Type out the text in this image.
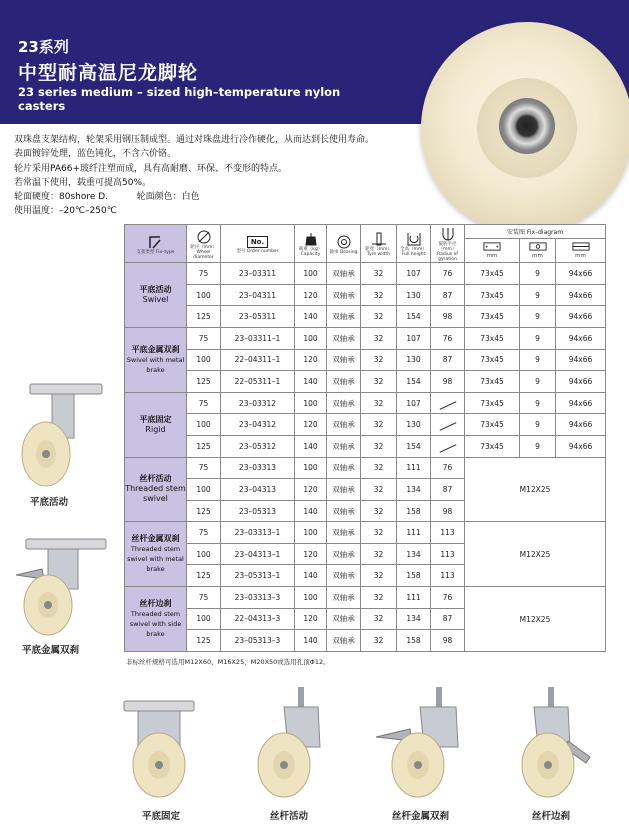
23系列
中型耐高温尼龙脚轮
23 series medium – sized high–temperature nylon casters
双珠盘支架结构，轮架采用钢压制成型。通过对珠盘进行冷作硬化，从而达到长使用寿命。
表面镀锌处理，蓝色钝化，不含六价铬。
轮片采用PA66+玻纤注塑而成，具有高耐磨、环保、不变形的特点。
若常温下使用，载重可提高50%。
轮面硬度：80shore D.          轮面颜色：白色
使用温度：–20℃–250℃
支架类型 Fix–type	轮径（mm） Wheel diameter	No.
型号 Order number	载重（kg） Capacity	轴承 Bearing	轮宽（mm） Tyre width	全高（mm） Full height	旋转半径 （mm） Radius of gyration	安装图 Fix–diagram		

								mm	mm	mm

平底活动
Swivel	75	23–03311	100	双轴承	32	107	76	73x45	9	94x66
	100	23–04311	120	双轴承	32	130	87	73x45	9	94x66
	125	23–05311	140	双轴承	32	154	98	73x45	9	94x66

平底金属双刹
Swivel with metal brake	75	23–03311–1	100	双轴承	32	107	76	73x45	9	94x66
	100	22–04311–1	120	双轴承	32	130	87	73x45	9	94x66
	125	22–05311–1	140	双轴承	32	154	98	73x45	9	94x66

平底固定
Rigid	75	23–03312	100	双轴承	32	107		73x45	9	94x66
	100	23–04312	120	双轴承	32	130		73x45	9	94x66
	125	23–05312	140	双轴承	32	154		73x45	9	94x66

丝杆活动
Threaded stem swivel	75	23–03313	100	双轴承	32	111	76	M12X25		
	100	23–04313	120	双轴承	32	134	87			
	125	23–05313	140	双轴承	32	158	98			

丝杆金属双刹
Threaded stem swivel with metal brake	75	23–03313–1	100	双轴承	32	111	113	M12X25		
	100	23–04313–1	120	双轴承	32	134	113			
	125	23–05313–1	140	双轴承	32	158	113			

丝杆边刹
Threaded stem swivel with side brake	75	23–03313–3	100	双轴承	32	111	76	M12X25		
	100	22–04313–3	120	双轴承	32	134	87			
	125	23–05313–3	140	双轴承	32	158	98			
非标丝杆规格可选用M12X60、M16X25、M20X50或选用孔顶Φ12。
平底活动
平底金属双刹
平底固定	丝杆活动	丝杆金属双刹	丝杆边刹
